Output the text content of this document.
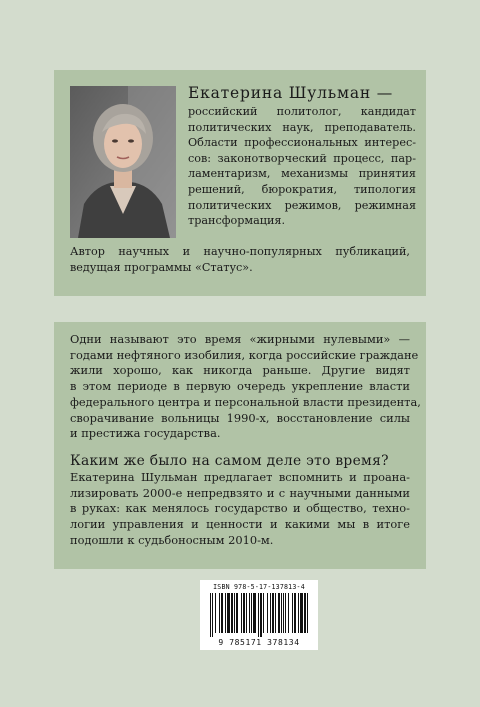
Екатерина Шульман —
российский политолог, кандидат
политических наук, преподаватель.
Области профессиональных интерес-
сов: законотворческий процесс, пар-
ламентаризм, механизмы принятия
решений, бюрократия, типология
политических режимов, режимная
трансформация.
Автор научных и научно-популярных публикаций,
ведущая программы «Статус».
Одни называют это время «жирными нулевыми» —
годами нефтяного изобилия, когда российские граждане
жили хорошо, как никогда раньше. Другие видят
в этом периоде в первую очередь укрепление власти
федерального центра и персональной власти президента,
сворачивание вольницы 1990-х, восстановление силы
и престижа государства.
Каким же было на самом деле это время?
Екатерина Шульман предлагает вспомнить и проана-
лизировать 2000-е непредвзято и с научными данными
в руках: как менялось государство и общество, техно-
логии управления и ценности и какими мы в итоге
подошли к судьбоносным 2010-м.
ISBN 978-5-17-137813-4
9 785171 378134
